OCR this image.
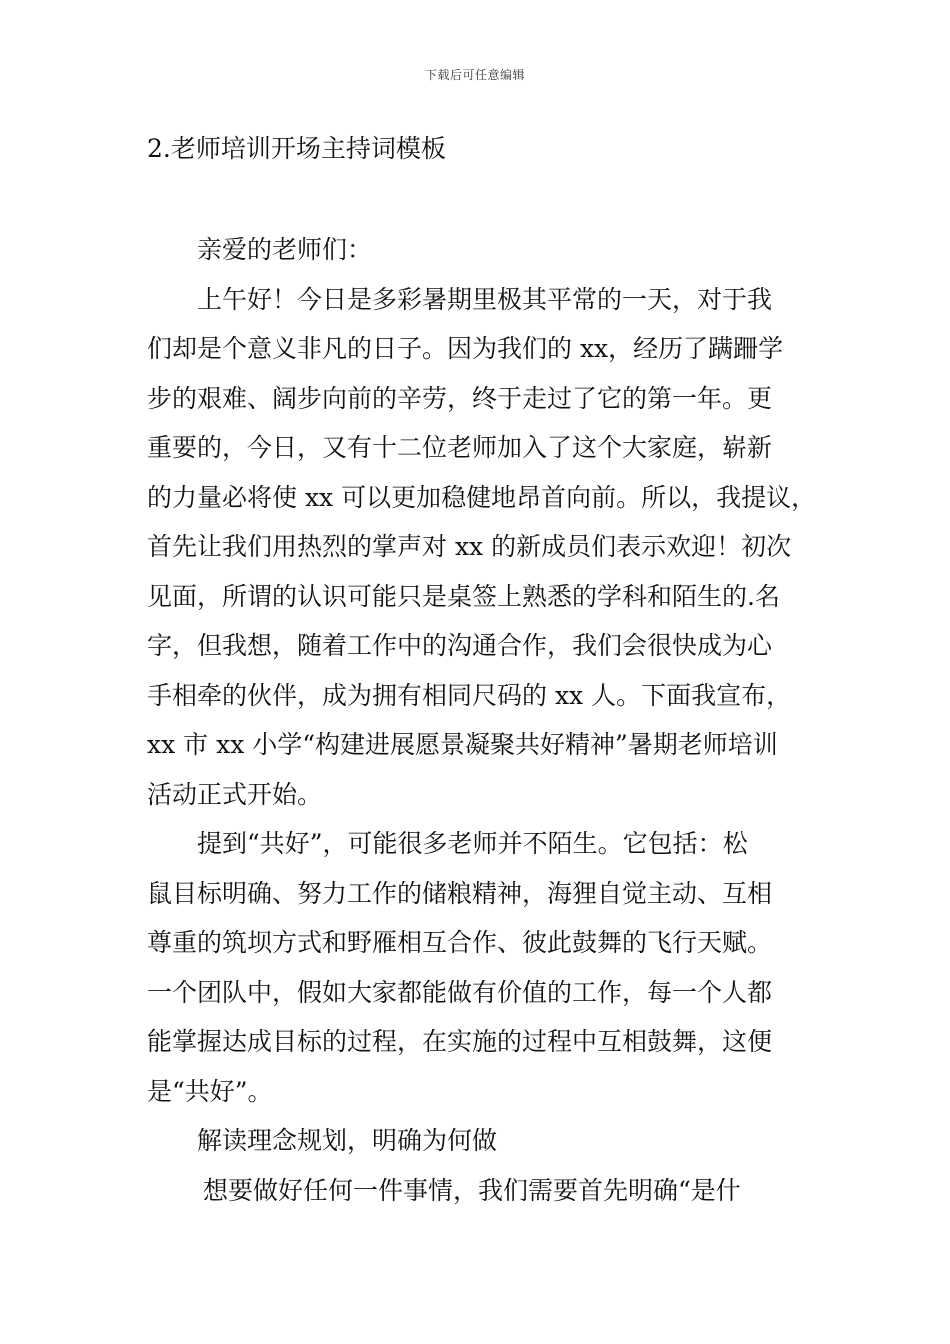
下载后可任意编辑
2.老师培训开场主持词模板
亲爱的老师们：
上午好！今日是多彩暑期里极其平常的一天，对于我
们却是个意义非凡的日子。因为我们的 xx，经历了蹒跚学
步的艰难、阔步向前的辛劳，终于走过了它的第一年。更
重要的，今日，又有十二位老师加入了这个大家庭，崭新
的力量必将使 xx 可以更加稳健地昂首向前。所以，我提议，
首先让我们用热烈的掌声对 xx 的新成员们表示欢迎！初次
见面，所谓的认识可能只是桌签上熟悉的学科和陌生的.名
字，但我想，随着工作中的沟通合作，我们会很快成为心
手相牵的伙伴，成为拥有相同尺码的 xx 人。下面我宣布，
xx 市 xx 小学“构建进展愿景凝聚共好精神”暑期老师培训
活动正式开始。
提到“共好”，可能很多老师并不陌生。它包括：松
鼠目标明确、努力工作的储粮精神，海狸自觉主动、互相
尊重的筑坝方式和野雁相互合作、彼此鼓舞的飞行天赋。
一个团队中，假如大家都能做有价值的工作，每一个人都
能掌握达成目标的过程，在实施的过程中互相鼓舞，这便
是“共好”。
解读理念规划，明确为何做
想要做好任何一件事情，我们需要首先明确“是什
